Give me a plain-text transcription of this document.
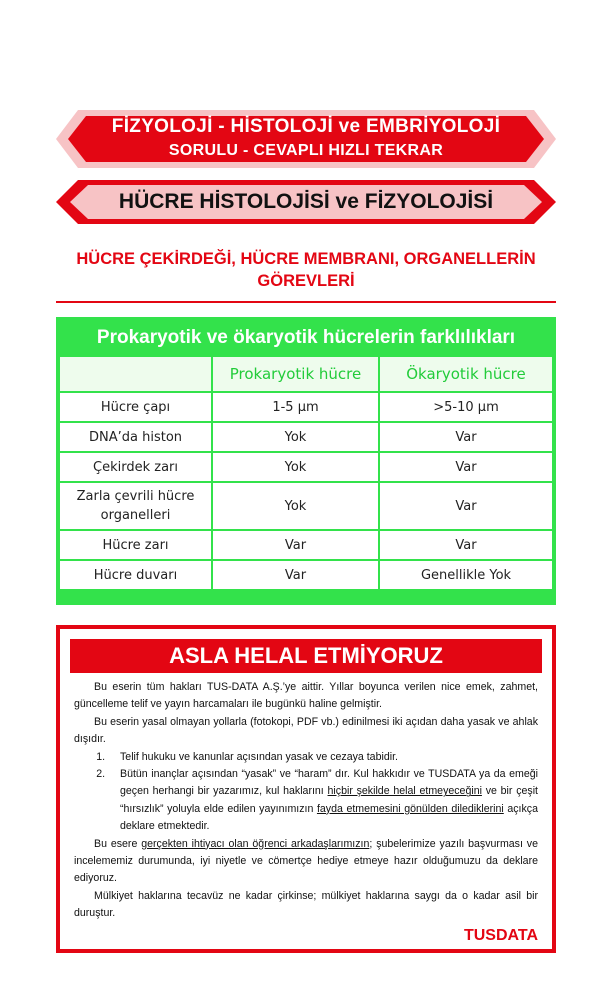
FİZYOLOJİ - HİSTOLOJİ ve EMBRİYOLOJİ
SORULU - CEVAPLI HIZLI TEKRAR
HÜCRE HİSTOLOJİSİ ve FİZYOLOJİSİ
HÜCRE ÇEKİRDEĞİ, HÜCRE MEMBRANI, ORGANELLERİN
GÖREVLERİ
Prokaryotik ve ökaryotik hücrelerin farklılıkları
	Prokaryotik hücre	Ökaryotik hücre
Hücre çapı	1-5 μm	>5-10 μm
DNA’da histon	Yok	Var
Çekirdek zarı	Yok	Var
Zarla çevrili hücre organelleri	Yok	Var
Hücre zarı	Var	Var
Hücre duvarı	Var	Genellikle Yok
ASLA HELAL ETMİYORUZ

Bu eserin tüm hakları TUS-DATA A.Ş.’ye aittir. Yıllar boyunca verilen nice emek, zahmet, güncelleme telif ve yayın harcamaları ile bugünkü haline gelmiştir.

Bu eserin yasal olmayan yollarla (fotokopi, PDF vb.) edinilmesi iki açıdan daha yasak ve ahlak dışıdır.

1. Telif hukuku ve kanunlar açısından yasak ve cezaya tabidir.
2. Bütün inançlar açısından “yasak” ve “haram” dır. Kul hakkıdır ve TUSDATA ya da emeği geçen herhangi bir yazarımız, kul haklarını hiçbir şekilde helal etmeyeceğini ve bir çeşit “hırsızlık” yoluyla elde edilen yayınımızın fayda etmemesini gönülden dilediklerini açıkça deklare etmektedir.

Bu esere gerçekten ihtiyacı olan öğrenci arkadaşlarımızın; şubelerimize yazılı başvurması ve incelememiz durumunda, iyi niyetle ve cömertçe hediye etmeye hazır olduğumuzu da deklare ediyoruz.

Mülkiyet haklarına tecavüz ne kadar çirkinse; mülkiyet haklarına saygı da o kadar asil bir duruştur.

TUSDATA
